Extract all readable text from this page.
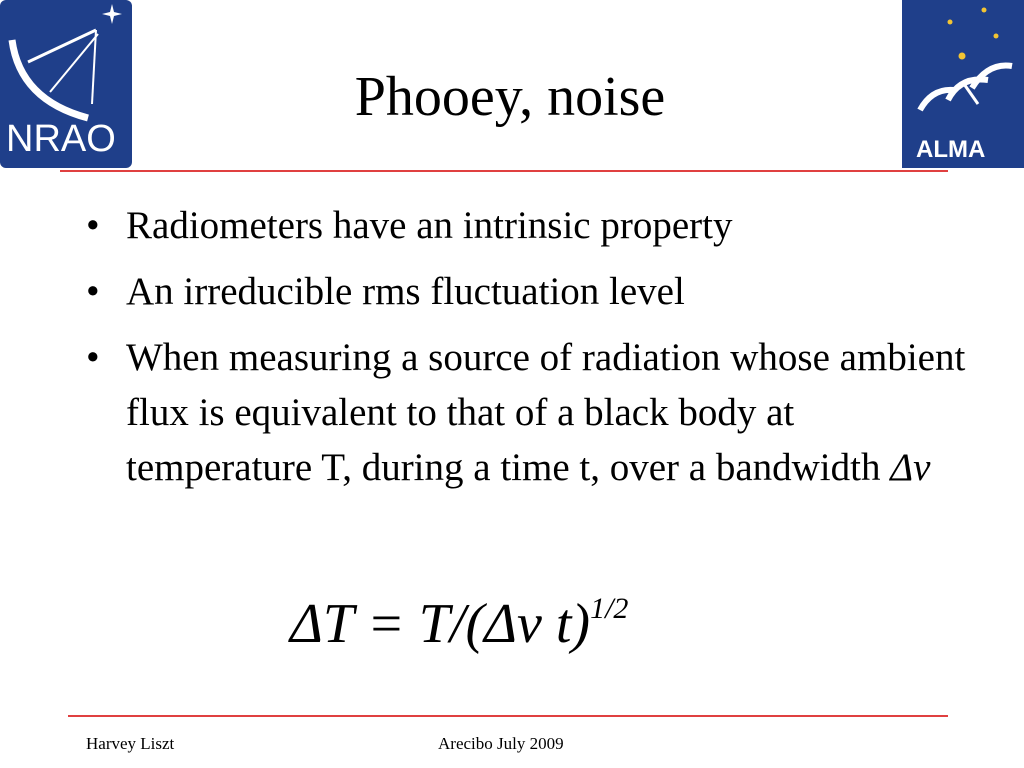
NRAO	ALMA
Phooey, noise
• Radiometers have an intrinsic property
• An irreducible rms fluctuation level
• When measuring a source of radiation whose ambient flux is equivalent to that of a black body at temperature T, during a time t, over a bandwidth Δν
ΔT = T/(Δν t)$^{1/2}$
Harvey Liszt	Arecibo July 2009
